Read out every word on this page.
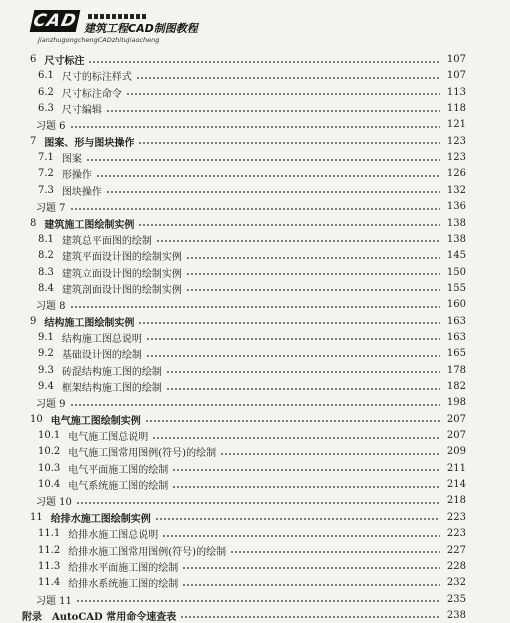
CAD 建筑工程CAD制图教程
JianzhugongchengCADzhituJiaocheng
6 尺寸标注	107
6.1 尺寸的标注样式	107
6.2 尺寸标注命令	113
6.3 尺寸编辑	118
习题 6	121
7 图案、形与图块操作	123
7.1 图案	123
7.2 形操作	126
7.3 图块操作	132
习题 7	136
8 建筑施工图绘制实例	138
8.1 建筑总平面图的绘制	138
8.2 建筑平面设计图的绘制实例	145
8.3 建筑立面设计图的绘制实例	150
8.4 建筑剖面设计图的绘制实例	155
习题 8	160
9 结构施工图绘制实例	163
9.1 结构施工图总说明	163
9.2 基础设计图的绘制	165
9.3 砖混结构施工图的绘制	178
9.4 框架结构施工图的绘制	182
习题 9	198
10 电气施工图绘制实例	207
10.1 电气施工图总说明	207
10.2 电气施工图常用图例(符号)的绘制	209
10.3 电气平面施工图的绘制	211
10.4 电气系统施工图的绘制	214
习题 10	218
11 给排水施工图绘制实例	223
11.1 给排水施工图总说明	223
11.2 给排水施工图常用图例(符号)的绘制	227
11.3 给排水平面施工图的绘制	228
11.4 给排水系统施工图的绘制	232
习题 11	235
附录 AutoCAD 常用命令速查表	238
